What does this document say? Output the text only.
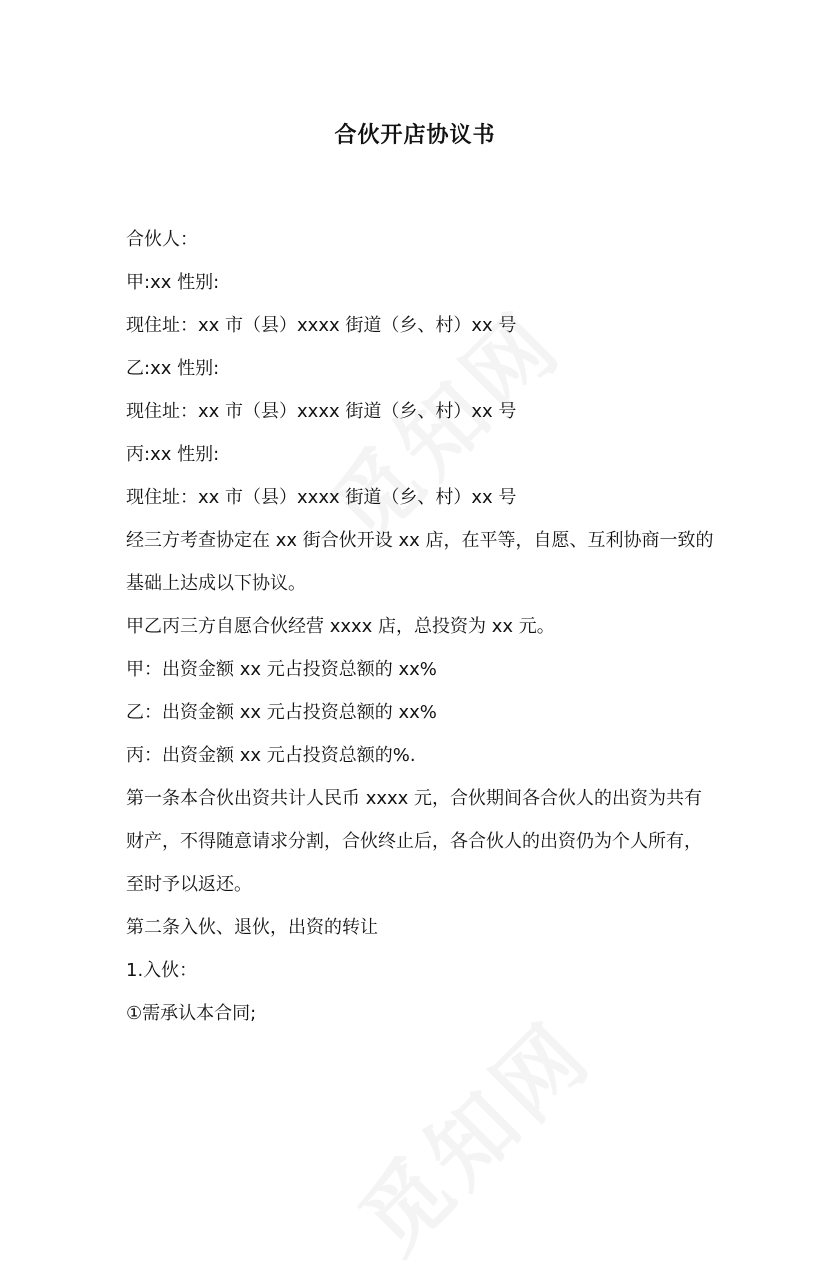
合伙开店协议书

合伙人：

甲:xx 性别:

现住址：xx 市（县）xxxx 街道（乡、村）xx 号

乙:xx 性别:

现住址：xx 市（县）xxxx 街道（乡、村）xx 号

丙:xx 性别:

现住址：xx 市（县）xxxx 街道（乡、村）xx 号

经三方考查协定在 xx 街合伙开设 xx 店，在平等，自愿、互利协商一致的基础上达成以下协议。

甲乙丙三方自愿合伙经营 xxxx 店，总投资为 xx 元。

甲：出资金额 xx 元占投资总额的 xx%

乙：出资金额 xx 元占投资总额的 xx%

丙：出资金额 xx 元占投资总额的%.

第一条本合伙出资共计人民币 xxxx 元，合伙期间各合伙人的出资为共有财产，不得随意请求分割，合伙终止后，各合伙人的出资仍为个人所有，至时予以返还。

第二条入伙、退伙，出资的转让

1.入伙：

①需承认本合同;
